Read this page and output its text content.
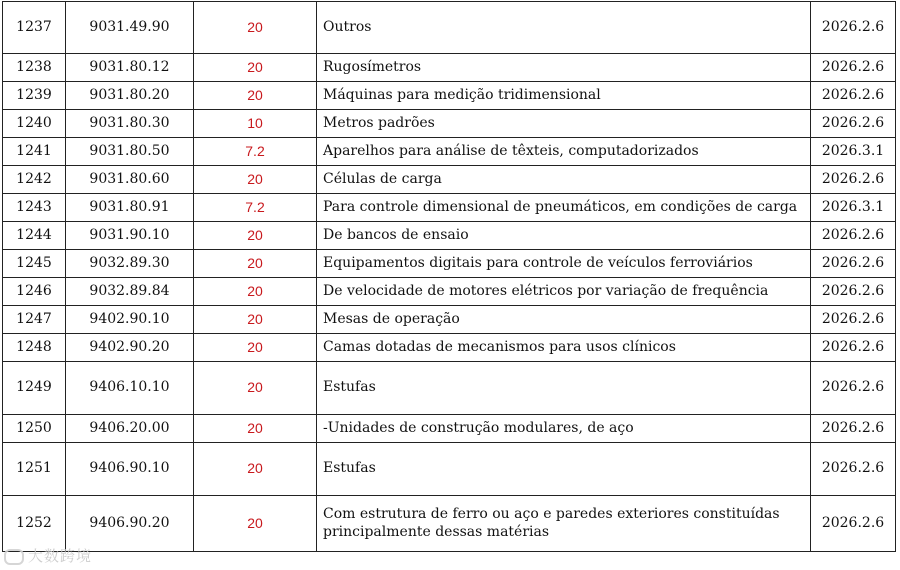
1237	9031.49.90	20	Outros	2026.2.6
1238	9031.80.12	20	Rugosímetros	2026.2.6
1239	9031.80.20	20	Máquinas para medição tridimensional	2026.2.6
1240	9031.80.30	10	Metros padrões	2026.2.6
1241	9031.80.50	7.2	Aparelhos para análise de têxteis, computadorizados	2026.3.1
1242	9031.80.60	20	Células de carga	2026.2.6
1243	9031.80.91	7.2	Para controle dimensional de pneumáticos, em condições de carga	2026.3.1
1244	9031.90.10	20	De bancos de ensaio	2026.2.6
1245	9032.89.30	20	Equipamentos digitais para controle de veículos ferroviários	2026.2.6
1246	9032.89.84	20	De velocidade de motores elétricos por variação de frequência	2026.2.6
1247	9402.90.10	20	Mesas de operação	2026.2.6
1248	9402.90.20	20	Camas dotadas de mecanismos para usos clínicos	2026.2.6
1249	9406.10.10	20	Estufas	2026.2.6
1250	9406.20.00	20	-Unidades de construção modulares, de aço	2026.2.6
1251	9406.90.10	20	Estufas	2026.2.6
1252	9406.90.20	20	Com estrutura de ferro ou aço e paredes exteriores constituídas principalmente dessas matérias	2026.2.6
大数跨境
